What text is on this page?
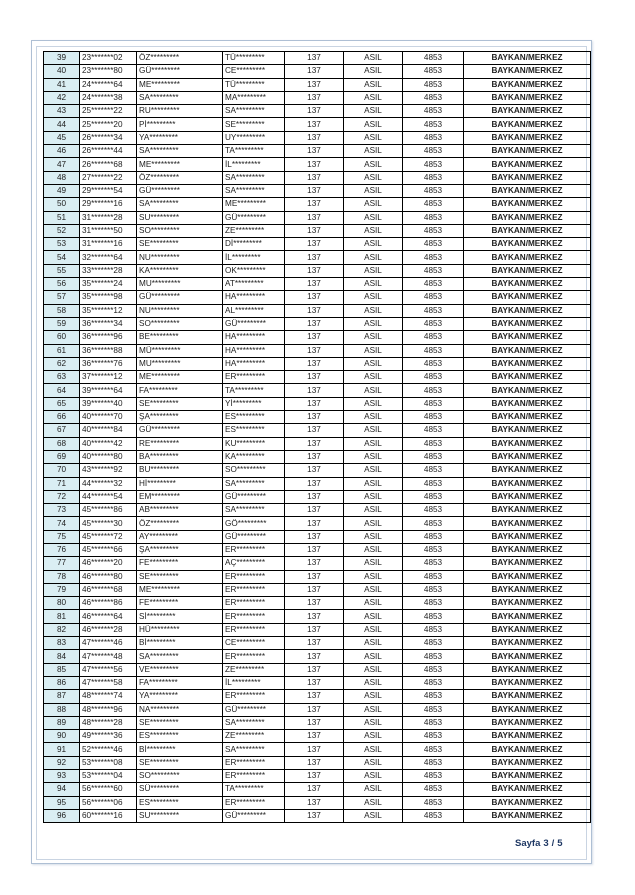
39	23*******02	ÖZ*********	TÜ*********	137	ASIL	4853	BAYKAN/MERKEZ
40	23*******80	GÜ*********	CE*********	137	ASIL	4853	BAYKAN/MERKEZ
41	24*******64	ME*********	TÜ*********	137	ASIL	4853	BAYKAN/MERKEZ
42	24*******38	SA*********	MA*********	137	ASIL	4853	BAYKAN/MERKEZ
43	25*******22	RU*********	SA*********	137	ASIL	4853	BAYKAN/MERKEZ
44	25*******20	Pİ*********	SE*********	137	ASIL	4853	BAYKAN/MERKEZ
45	26*******34	YA*********	UY*********	137	ASIL	4853	BAYKAN/MERKEZ
46	26*******44	SA*********	TA*********	137	ASIL	4853	BAYKAN/MERKEZ
47	26*******68	ME*********	İL*********	137	ASIL	4853	BAYKAN/MERKEZ
48	27*******22	ÖZ*********	SA*********	137	ASIL	4853	BAYKAN/MERKEZ
49	29*******54	GÜ*********	SA*********	137	ASIL	4853	BAYKAN/MERKEZ
50	29*******16	SA*********	ME*********	137	ASIL	4853	BAYKAN/MERKEZ
51	31*******28	SU*********	GÜ*********	137	ASIL	4853	BAYKAN/MERKEZ
52	31*******50	SO*********	ZE*********	137	ASIL	4853	BAYKAN/MERKEZ
53	31*******16	SE*********	Dİ*********	137	ASIL	4853	BAYKAN/MERKEZ
54	32*******64	NU*********	İL*********	137	ASIL	4853	BAYKAN/MERKEZ
55	33*******28	KA*********	OK*********	137	ASIL	4853	BAYKAN/MERKEZ
56	35*******24	MU*********	AT*********	137	ASIL	4853	BAYKAN/MERKEZ
57	35*******98	GÜ*********	HA*********	137	ASIL	4853	BAYKAN/MERKEZ
58	35*******12	NU*********	AL*********	137	ASIL	4853	BAYKAN/MERKEZ
59	36*******34	SO*********	GÜ*********	137	ASIL	4853	BAYKAN/MERKEZ
60	36*******96	BE*********	HA*********	137	ASIL	4853	BAYKAN/MERKEZ
61	36*******88	MÜ*********	HA*********	137	ASIL	4853	BAYKAN/MERKEZ
62	36*******76	MU*********	HA*********	137	ASIL	4853	BAYKAN/MERKEZ
63	37*******12	ME*********	ER*********	137	ASIL	4853	BAYKAN/MERKEZ
64	39*******64	FA*********	TA*********	137	ASIL	4853	BAYKAN/MERKEZ
65	39*******40	SE*********	Yİ*********	137	ASIL	4853	BAYKAN/MERKEZ
66	40*******70	ŞA*********	ES*********	137	ASIL	4853	BAYKAN/MERKEZ
67	40*******84	GÜ*********	ES*********	137	ASIL	4853	BAYKAN/MERKEZ
68	40*******42	RE*********	KU*********	137	ASIL	4853	BAYKAN/MERKEZ
69	40*******80	BA*********	KA*********	137	ASIL	4853	BAYKAN/MERKEZ
70	43*******92	BU*********	SO*********	137	ASIL	4853	BAYKAN/MERKEZ
71	44*******32	Hİ*********	SA*********	137	ASIL	4853	BAYKAN/MERKEZ
72	44*******54	EM*********	GÜ*********	137	ASIL	4853	BAYKAN/MERKEZ
73	45*******86	AB*********	SA*********	137	ASIL	4853	BAYKAN/MERKEZ
74	45*******30	ÖZ*********	GÖ*********	137	ASIL	4853	BAYKAN/MERKEZ
75	45*******72	AY*********	GÜ*********	137	ASIL	4853	BAYKAN/MERKEZ
76	45*******66	ŞA*********	ER*********	137	ASIL	4853	BAYKAN/MERKEZ
77	46*******20	FE*********	AÇ*********	137	ASIL	4853	BAYKAN/MERKEZ
78	46*******80	SE*********	ER*********	137	ASIL	4853	BAYKAN/MERKEZ
79	46*******68	ME*********	ER*********	137	ASIL	4853	BAYKAN/MERKEZ
80	46*******86	FE*********	ER*********	137	ASIL	4853	BAYKAN/MERKEZ
81	46*******64	Sİ*********	ER*********	137	ASIL	4853	BAYKAN/MERKEZ
82	46*******28	HÜ*********	ER*********	137	ASIL	4853	BAYKAN/MERKEZ
83	47*******46	Bİ*********	CE*********	137	ASIL	4853	BAYKAN/MERKEZ
84	47*******48	SA*********	ER*********	137	ASIL	4853	BAYKAN/MERKEZ
85	47*******56	VE*********	ZE*********	137	ASIL	4853	BAYKAN/MERKEZ
86	47*******58	FA*********	İL*********	137	ASIL	4853	BAYKAN/MERKEZ
87	48*******74	YA*********	ER*********	137	ASIL	4853	BAYKAN/MERKEZ
88	48*******96	NA*********	GÜ*********	137	ASIL	4853	BAYKAN/MERKEZ
89	48*******28	SE*********	SA*********	137	ASIL	4853	BAYKAN/MERKEZ
90	49*******36	ES*********	ZE*********	137	ASIL	4853	BAYKAN/MERKEZ
91	52*******46	Bİ*********	SA*********	137	ASIL	4853	BAYKAN/MERKEZ
92	53*******08	SE*********	ER*********	137	ASIL	4853	BAYKAN/MERKEZ
93	53*******04	SO*********	ER*********	137	ASIL	4853	BAYKAN/MERKEZ
94	56*******60	SÜ*********	TA*********	137	ASIL	4853	BAYKAN/MERKEZ
95	56*******06	ES*********	ER*********	137	ASIL	4853	BAYKAN/MERKEZ
96	60*******16	SU*********	GÜ*********	137	ASIL	4853	BAYKAN/MERKEZ
Sayfa 3 / 5
